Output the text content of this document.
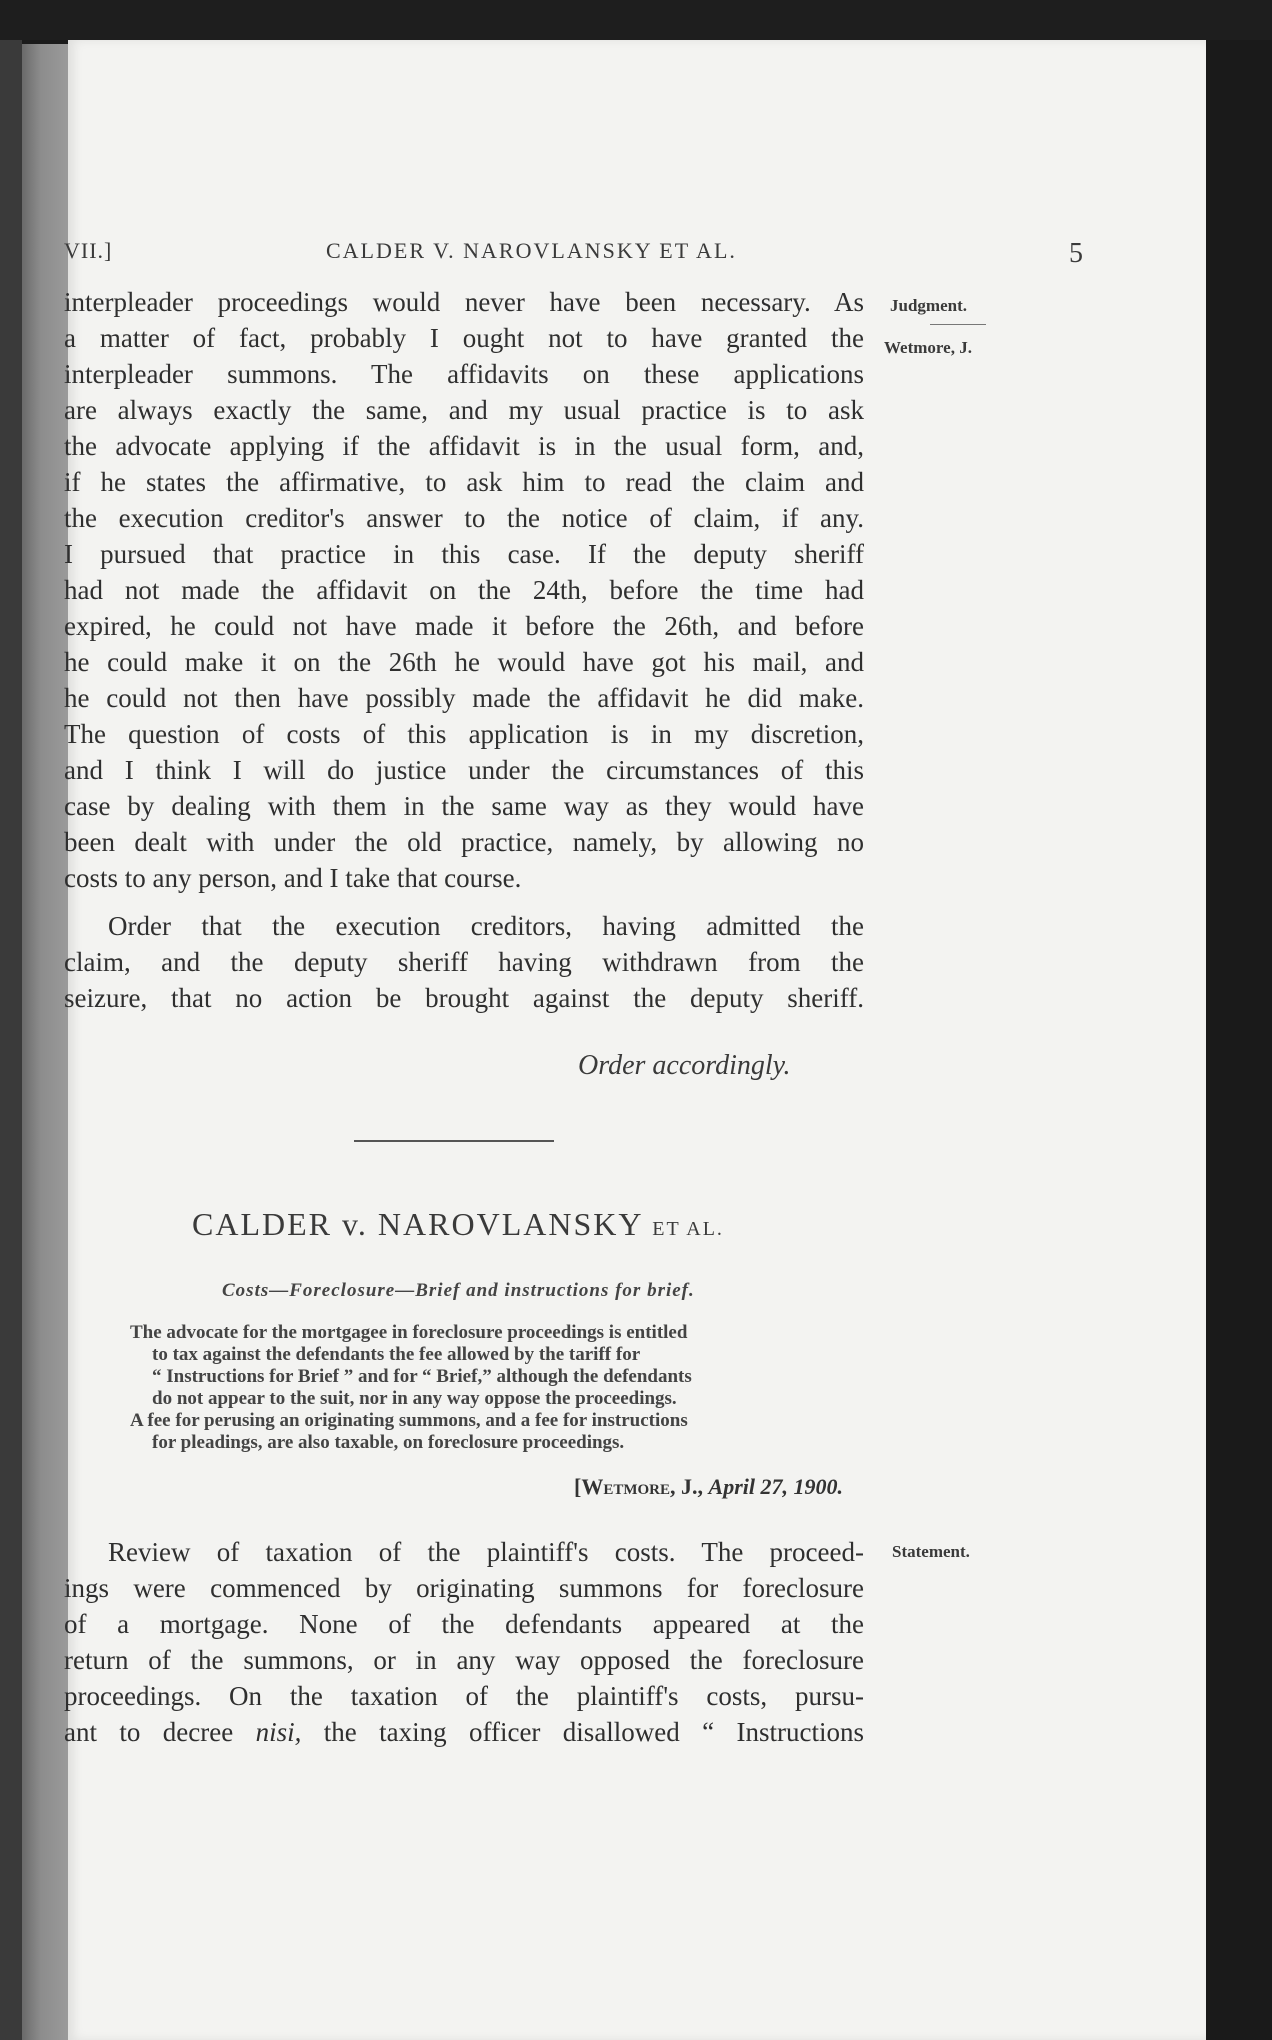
VII.]	CALDER V. NAROVLANSKY ET AL.	5
Judgment.
Wetmore, J.
interpleader proceedings would never have been necessary. As
a matter of fact, probably I ought not to have granted the
interpleader summons. The affidavits on these applications
are always exactly the same, and my usual practice is to ask
the advocate applying if the affidavit is in the usual form, and,
if he states the affirmative, to ask him to read the claim and
the execution creditor's answer to the notice of claim, if any.
I pursued that practice in this case. If the deputy sheriff
had not made the affidavit on the 24th, before the time had
expired, he could not have made it before the 26th, and before
he could make it on the 26th he would have got his mail, and
he could not then have possibly made the affidavit he did make.
The question of costs of this application is in my discretion,
and I think I will do justice under the circumstances of this
case by dealing with them in the same way as they would have
been dealt with under the old practice, namely, by allowing no
costs to any person, and I take that course.
Order that the execution creditors, having admitted the
claim, and the deputy sheriff having withdrawn from the
seizure, that no action be brought against the deputy sheriff.
Order accordingly.
CALDER v. NAROVLANSKY ET AL.
Costs—Foreclosure—Brief and instructions for brief.
The advocate for the mortgagee in foreclosure proceedings is entitled
to tax against the defendants the fee allowed by the tariff for
“ Instructions for Brief ” and for “ Brief,” although the defendants
do not appear to the suit, nor in any way oppose the proceedings.
A fee for perusing an originating summons, and a fee for instructions
for pleadings, are also taxable, on foreclosure proceedings.
[Wetmore, J., April 27, 1900.
Statement.
Review of taxation of the plaintiff's costs. The proceed-
ings were commenced by originating summons for foreclosure
of a mortgage. None of the defendants appeared at the
return of the summons, or in any way opposed the foreclosure
proceedings. On the taxation of the plaintiff's costs, pursu-
ant to decree nisi, the taxing officer disallowed “ Instructions
